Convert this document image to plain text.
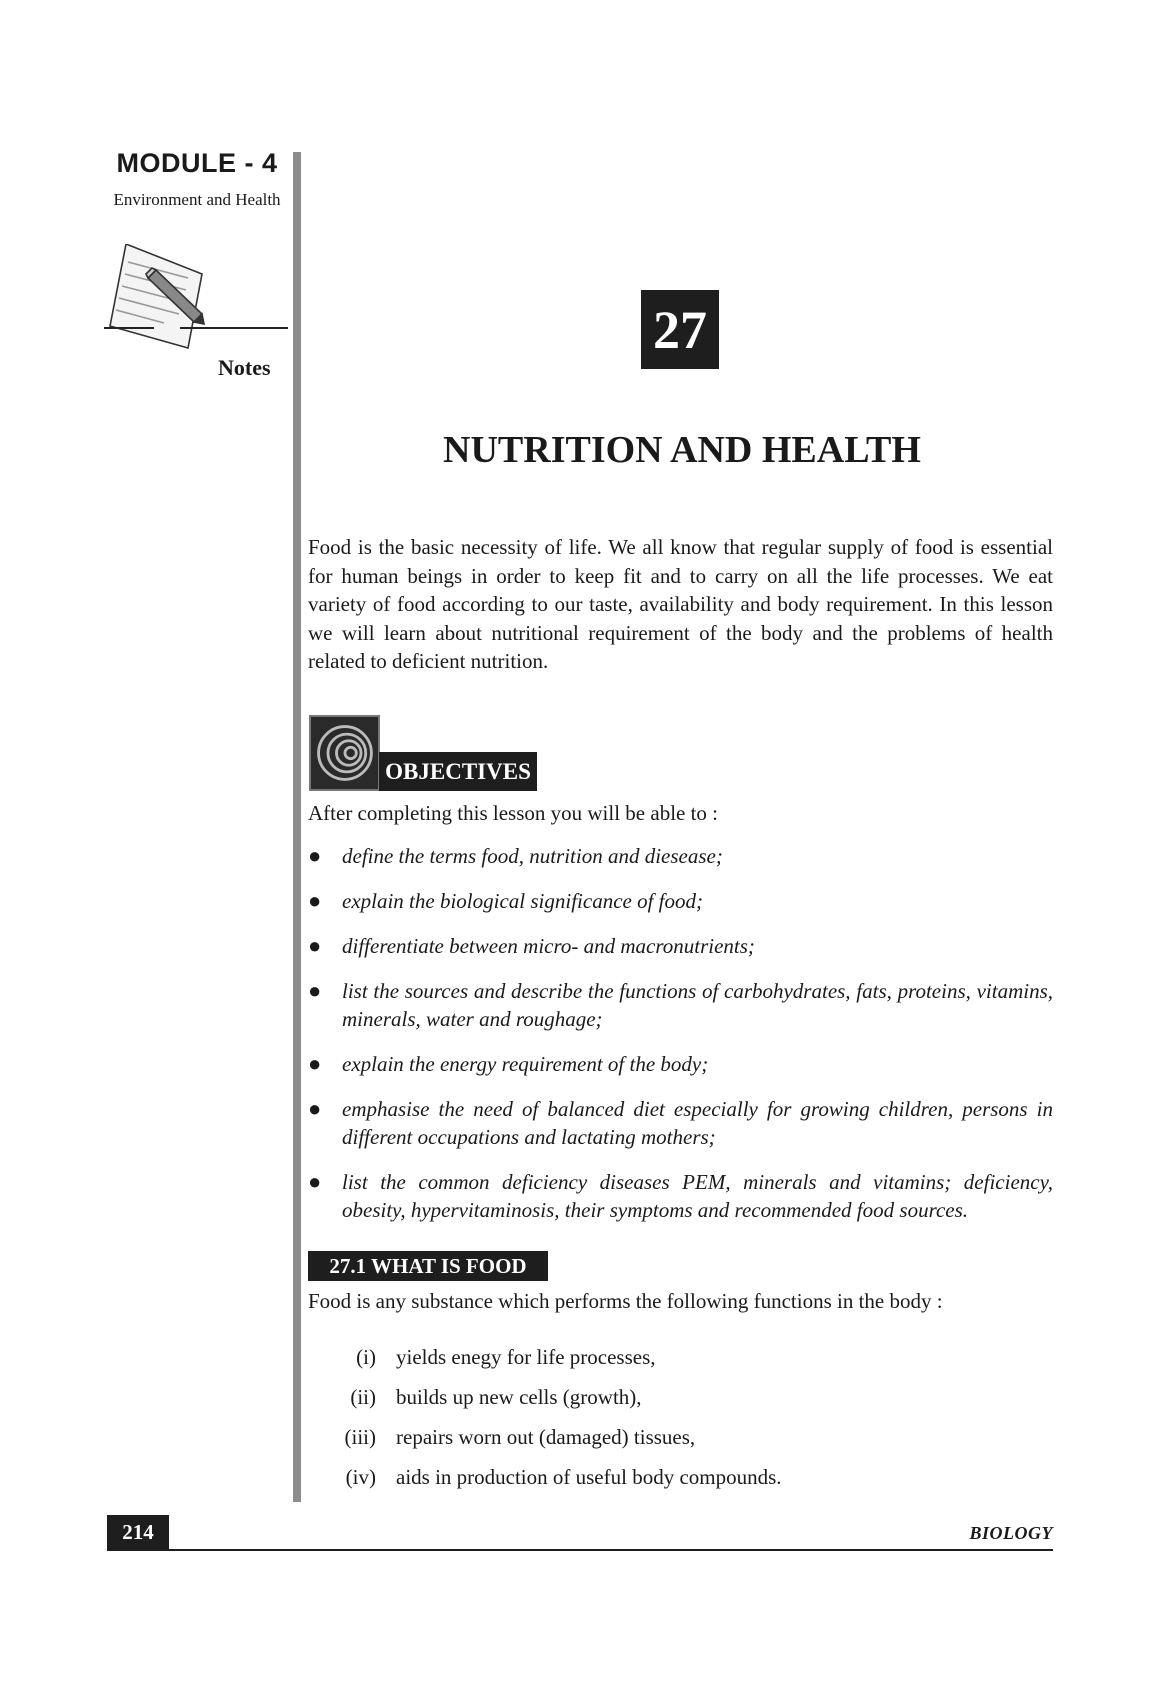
MODULE - 4
Environment and Health
Notes
27
NUTRITION AND HEALTH

Food is the basic necessity of life. We all know that regular supply of food is essential for human beings in order to keep fit and to carry on all the life processes. We eat variety of food according to our taste, availability and body requirement. In this lesson we will learn about nutritional requirement of the body and the problems of health related to deficient nutrition.

OBJECTIVES
After completing this lesson you will be able to :
● define the terms food, nutrition and diesease;
● explain the biological significance of food;
● differentiate between micro- and macronutrients;
● list the sources and describe the functions of carbohydrates, fats, proteins, vitamins, minerals, water and roughage;
● explain the energy requirement of the body;
● emphasise the need of balanced diet especially for growing children, persons in different occupations and lactating mothers;
● list the common deficiency diseases PEM, minerals and vitamins; deficiency, obesity, hypervitaminosis, their symptoms and recommended food sources.
27.1 WHAT IS FOOD

Food is any substance which performs the following functions in the body :

(i) yields enegy for life processes,
(ii) builds up new cells (growth),
(iii) repairs worn out (damaged) tissues,
(iv) aids in production of useful body compounds.
214	BIOLOGY
